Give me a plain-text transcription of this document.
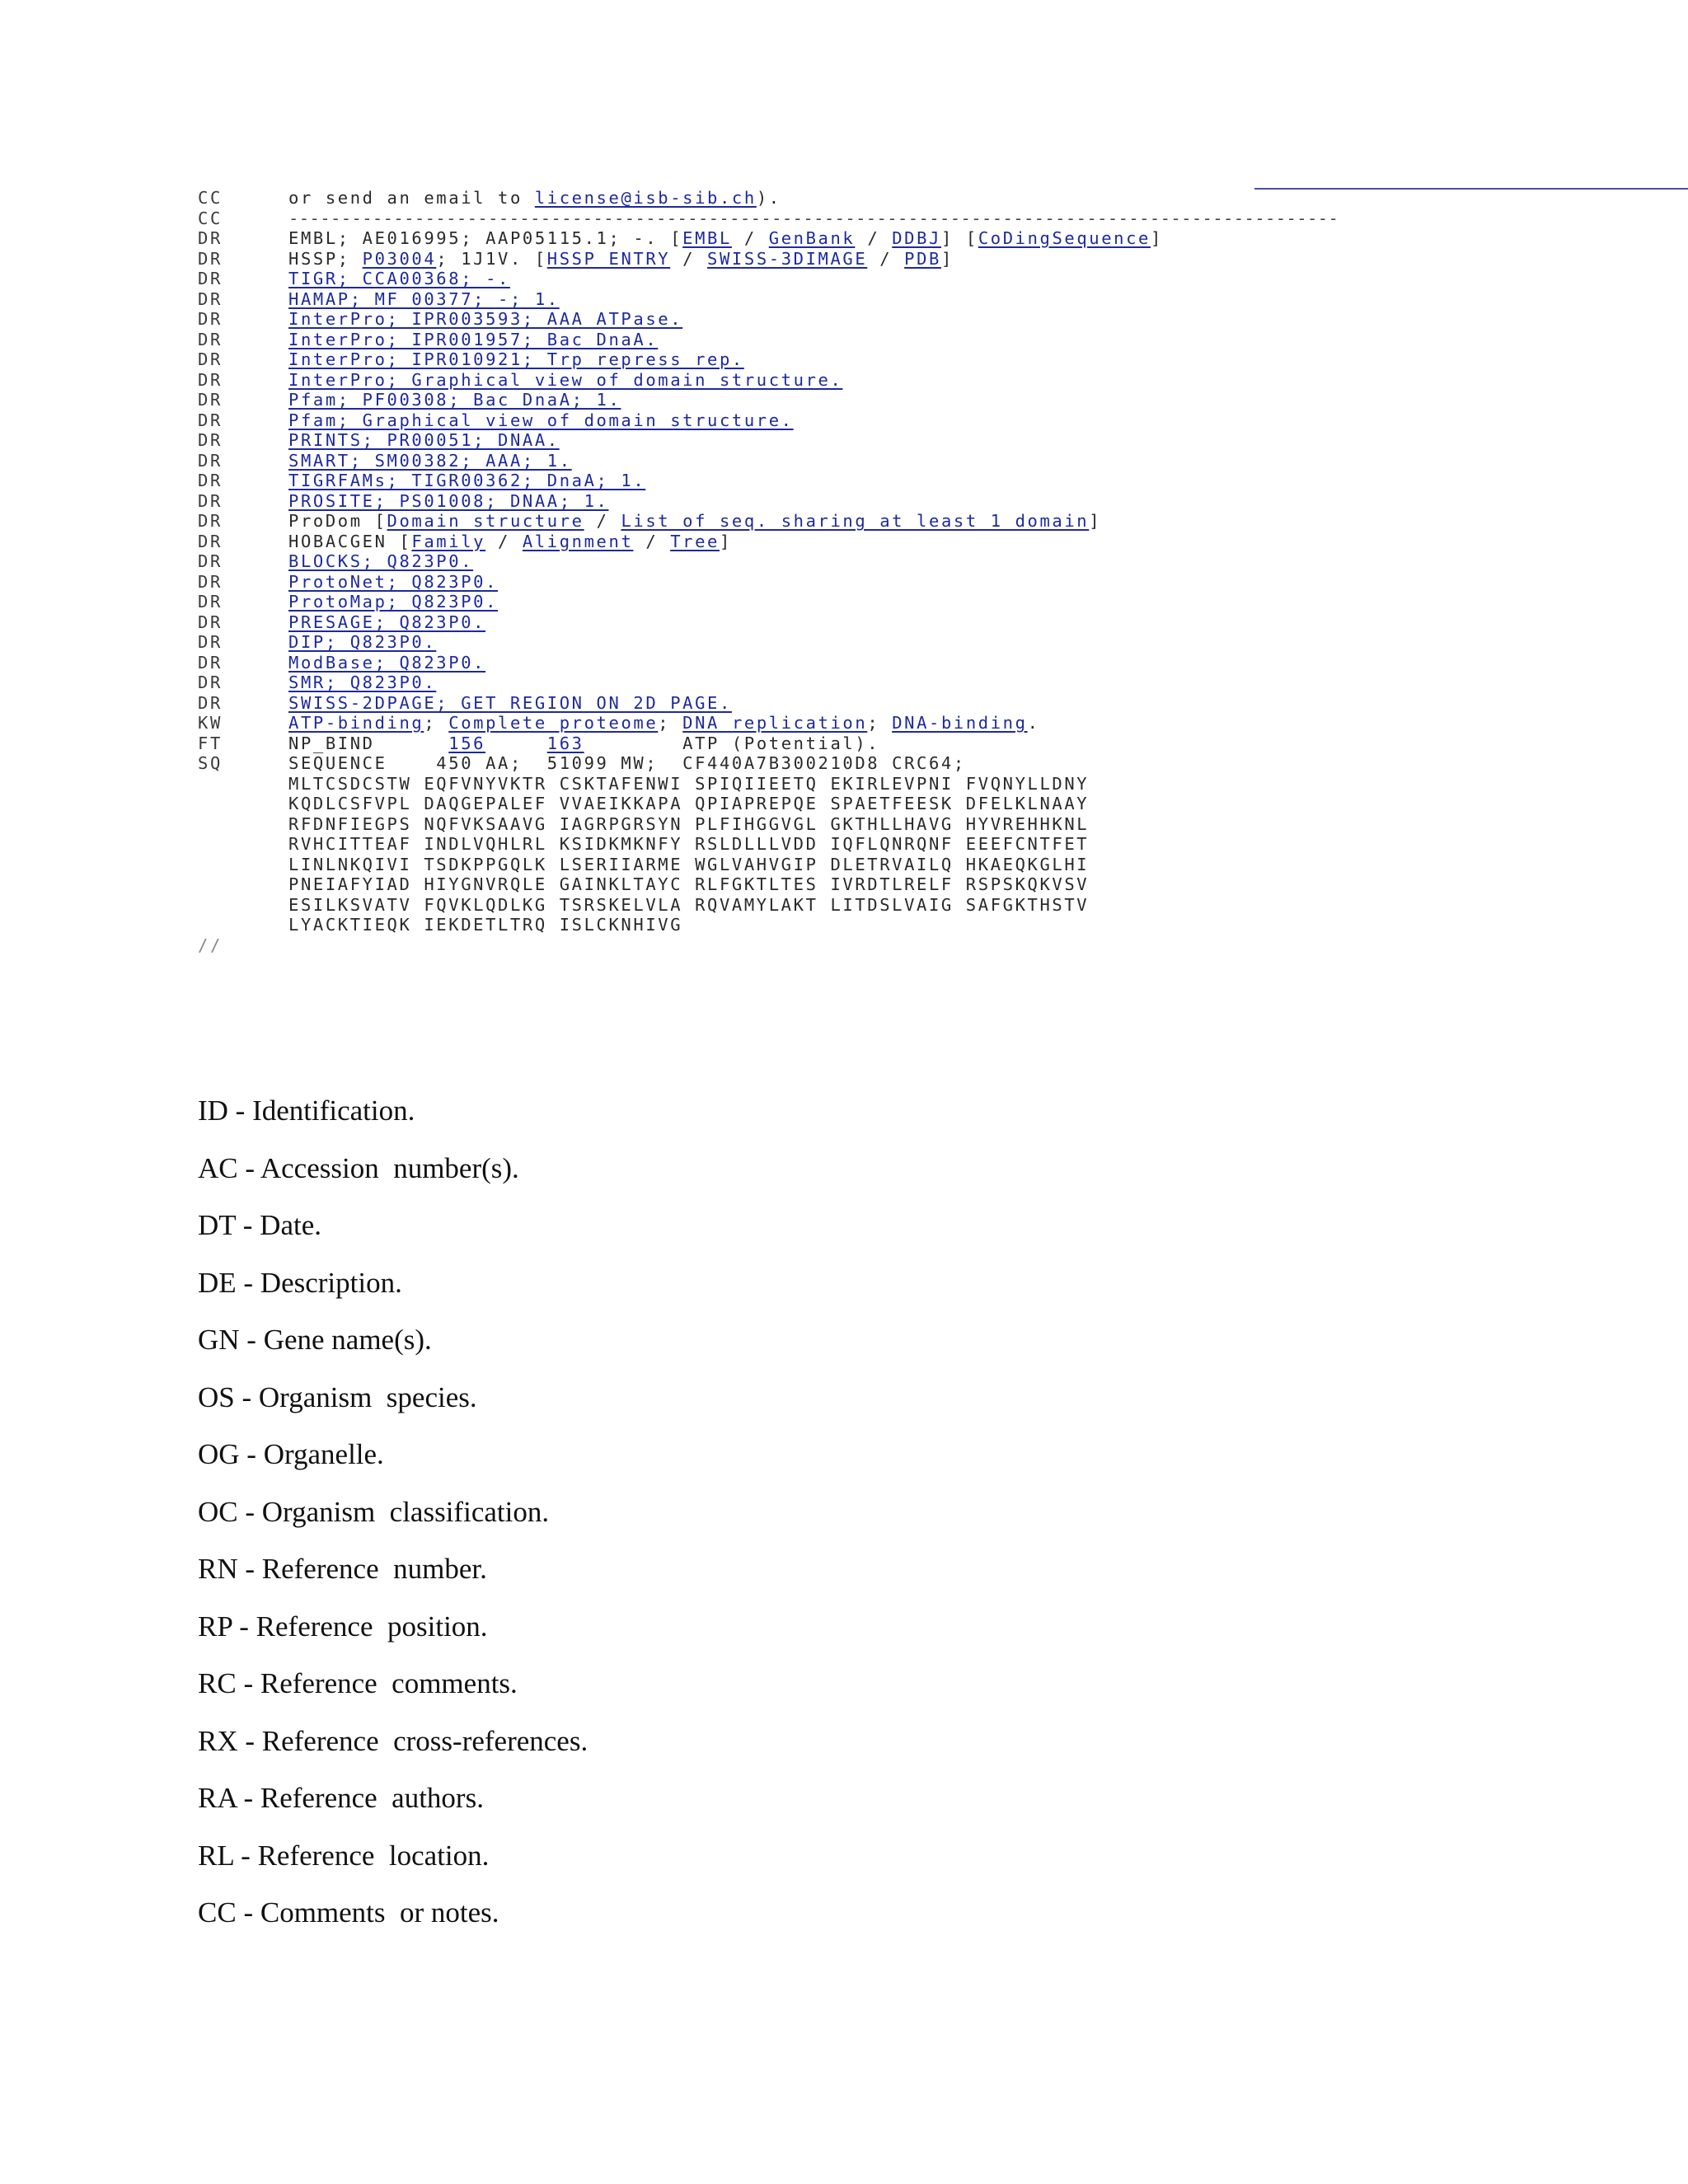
CC	or send an email to license@isb-sib.ch).
CC	----------------------------------------------------------------------------------------------------
DR	EMBL; AE016995; AAP05115.1; -. [EMBL / GenBank / DDBJ] [CoDingSequence]
DR	HSSP; P03004; 1J1V. [HSSP ENTRY / SWISS-3DIMAGE / PDB]
DR	TIGR; CCA00368; -.
DR	HAMAP; MF_00377; -; 1.
DR	InterPro; IPR003593; AAA ATPase.
DR	InterPro; IPR001957; Bac DnaA.
DR	InterPro; IPR010921; Trp repress rep.
DR	InterPro; Graphical view of domain structure.
DR	Pfam; PF00308; Bac DnaA; 1.
DR	Pfam; Graphical view of domain structure.
DR	PRINTS; PR00051; DNAA.
DR	SMART; SM00382; AAA; 1.
DR	TIGRFAMs; TIGR00362; DnaA; 1.
DR	PROSITE; PS01008; DNAA; 1.
DR	ProDom [Domain structure / List of seq. sharing at least 1 domain]
DR	HOBACGEN [Family / Alignment / Tree]
DR	BLOCKS; Q823P0.
DR	ProtoNet; Q823P0.
DR	ProtoMap; Q823P0.
DR	PRESAGE; Q823P0.
DR	DIP; Q823P0.
DR	ModBase; Q823P0.
DR	SMR; Q823P0.
DR	SWISS-2DPAGE; GET REGION ON 2D PAGE.
KW	ATP-binding; Complete proteome; DNA replication; DNA-binding.
FT	NP_BIND      156	163        ATP (Potential).
SQ	SEQUENCE    450 AA;  51099 MW;  CF440A7B300210D8 CRC64;
MLTCSDCSTW EQFVNYVKTR CSKTAFENWI SPIQIIEETQ EKIRLEVPNI FVQNYLLDNY
KQDLCSFVPL DAQGEPALEF VVAEIKKAPA QPIAPREPQE SPAETFEESK DFELKLNAAY
RFDNFIEGPS NQFVKSAAVG IAGRPGRSYN PLFIHGGVGL GKTHLLHAVG HYVREHHKNL
RVHCITTEAF INDLVQHLRL KSIDKMKNFY RSLDLLLVDD IQFLQNRQNF EEEFCNTFET
LINLNKQIVI TSDKPPGQLK LSERIIARME WGLVAHVGIP DLETRVAILQ HKAEQKGLHI
PNEIAFYIAD HIYGNVRQLE GAINKLTAYC RLFGKTLTES IVRDTLRELF RSPSKQKVSV
ESILKSVATV FQVKLQDLKG TSRSKELVLA RQVAMYLAKT LITDSLVAIG SAFGKTHSTV
LYACKTIEQK IEKDETLTRQ ISLCKNHIVG
//
ID - Identification.
AC - Accession  number(s).
DT - Date.
DE - Description.
GN - Gene name(s).
OS - Organism  species.
OG - Organelle.
OC - Organism  classification.
RN - Reference  number.
RP - Reference  position.
RC - Reference  comments.
RX - Reference  cross-references.
RA - Reference  authors.
RL - Reference  location.
CC - Comments  or notes.
